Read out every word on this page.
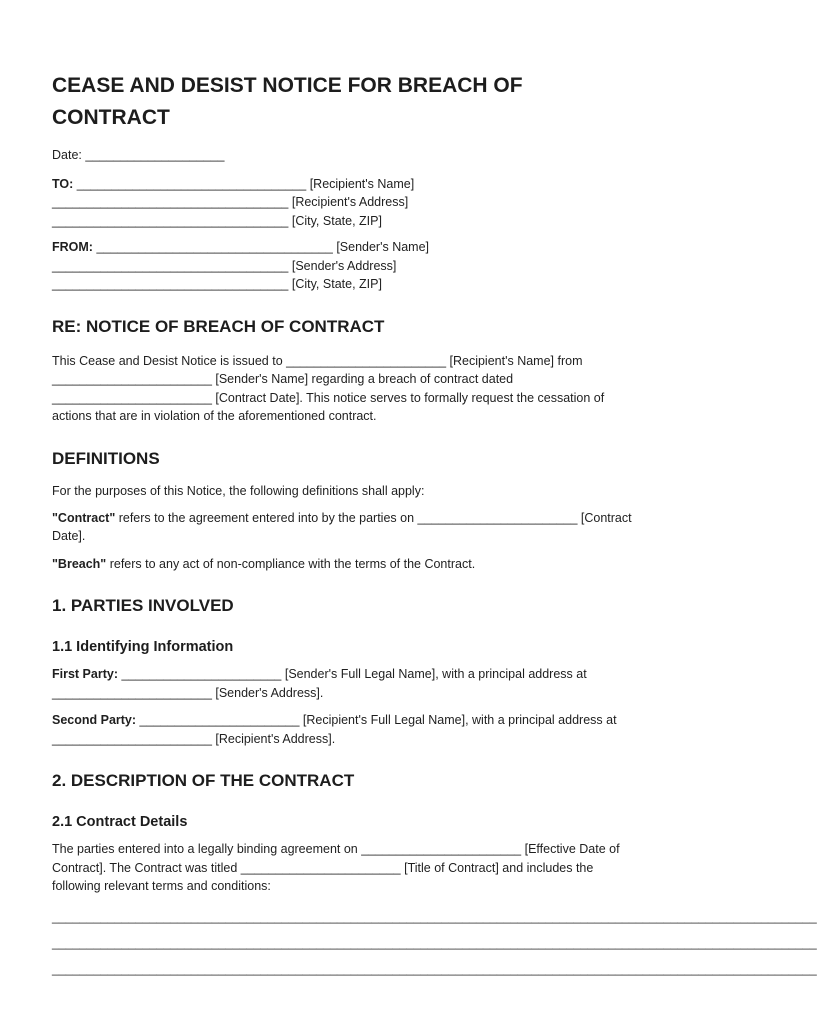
CEASE AND DESIST NOTICE FOR BREACH OF CONTRACT
Date: ____________________
TO: _________________________________ [Recipient's Name]
__________________________________ [Recipient's Address]
__________________________________ [City, State, ZIP]
FROM: __________________________________ [Sender's Name]
__________________________________ [Sender's Address]
__________________________________ [City, State, ZIP]
RE: NOTICE OF BREACH OF CONTRACT
This Cease and Desist Notice is issued to _______________________ [Recipient's Name] from
_______________________ [Sender's Name] regarding a breach of contract dated
_______________________ [Contract Date]. This notice serves to formally request the cessation of
actions that are in violation of the aforementioned contract.
DEFINITIONS

For the purposes of this Notice, the following definitions shall apply:

"Contract" refers to the agreement entered into by the parties on _______________________ [Contract
Date].
"Breach" refers to any act of non-compliance with the terms of the Contract.
1. PARTIES INVOLVED
1.1 Identifying Information
First Party: _______________________ [Sender's Full Legal Name], with a principal address at
_______________________ [Sender's Address].
Second Party: _______________________ [Recipient's Full Legal Name], with a principal address at
_______________________ [Recipient's Address].
2. DESCRIPTION OF THE CONTRACT
2.1 Contract Details
The parties entered into a legally binding agreement on _______________________ [Effective Date of
Contract]. The Contract was titled _______________________ [Title of Contract] and includes the
following relevant terms and conditions:
______________________________________________________________________________________________________________
______________________________________________________________________________________________________________
______________________________________________________________________________________________________________
